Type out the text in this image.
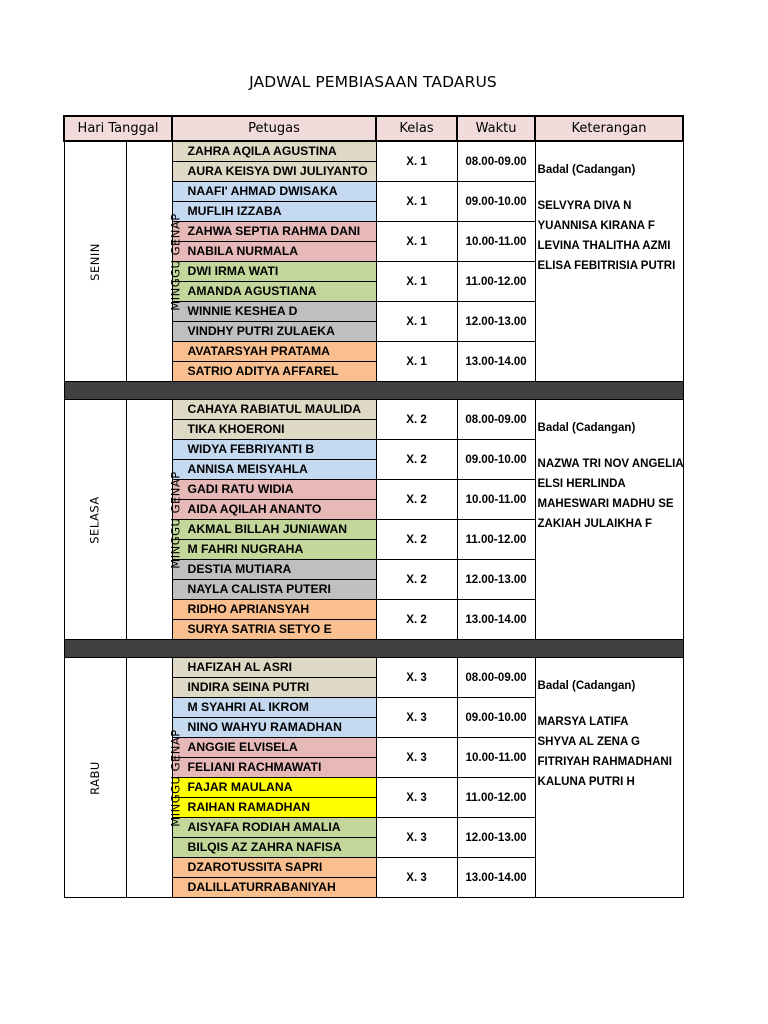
JADWAL PEMBIASAAN TADARUS
Hari Tanggal		Petugas	Kelas	Waktu	Keterangan
SENIN	MINGGU GENAP	ZAHRA AQILA AGUSTINA	X. 1	08.00-09.00	Badal (Cadangan)
SELVYRA DIVA N
YUANNISA KIRANA F
LEVINA THALITHA AZMI
ELISA FEBITRISIA PUTRI

		AURA KEISYA DWI JULIYANTO			
		NAAFI' AHMAD DWISAKA	X. 1	09.00-10.00	
		MUFLIH IZZABA			
		ZAHWA SEPTIA RAHMA DANI	X. 1	10.00-11.00	
		NABILA NURMALA			
		DWI IRMA WATI	X. 1	11.00-12.00	
		AMANDA AGUSTIANA			
		WINNIE KESHEA D	X. 1	12.00-13.00	
		VINDHY PUTRI ZULAEKA			
		AVATARSYAH PRATAMA	X. 1	13.00-14.00	
		SATRIO ADITYA AFFAREL			

SELASA	MINGGU GENAP	CAHAYA RABIATUL MAULIDA	X. 2	08.00-09.00	Badal (Cadangan)
NAZWA TRI NOV ANGELIA
ELSI HERLINDA
MAHESWARI MADHU SE
ZAKIAH JULAIKHA F

		TIKA KHOERONI			
		WIDYA FEBRIYANTI B	X. 2	09.00-10.00	
		ANNISA MEISYAHLA			
		GADI RATU WIDIA	X. 2	10.00-11.00	
		AIDA AQILAH ANANTO			
		AKMAL BILLAH JUNIAWAN	X. 2	11.00-12.00	
		M FAHRI NUGRAHA			
		DESTIA MUTIARA	X. 2	12.00-13.00	
		NAYLA CALISTA PUTERI			
		RIDHO APRIANSYAH	X. 2	13.00-14.00	
		SURYA SATRIA SETYO E			

RABU	MINGGU GENAP	HAFIZAH AL ASRI	X. 3	08.00-09.00	Badal (Cadangan)
MARSYA LATIFA
SHYVA AL ZENA G
FITRIYAH RAHMADHANI
KALUNA PUTRI H

		INDIRA SEINA PUTRI			
		M SYAHRI AL IKROM	X. 3	09.00-10.00	
		NINO WAHYU RAMADHAN			
		ANGGIE ELVISELA	X. 3	10.00-11.00	
		FELIANI RACHMAWATI			
		FAJAR MAULANA	X. 3	11.00-12.00	
		RAIHAN RAMADHAN			
		AISYAFA RODIAH AMALIA	X. 3	12.00-13.00	
		BILQIS AZ ZAHRA NAFISA			
		DZAROTUSSITA SAPRI	X. 3	13.00-14.00	
		DALILLATURRABANIYAH			
